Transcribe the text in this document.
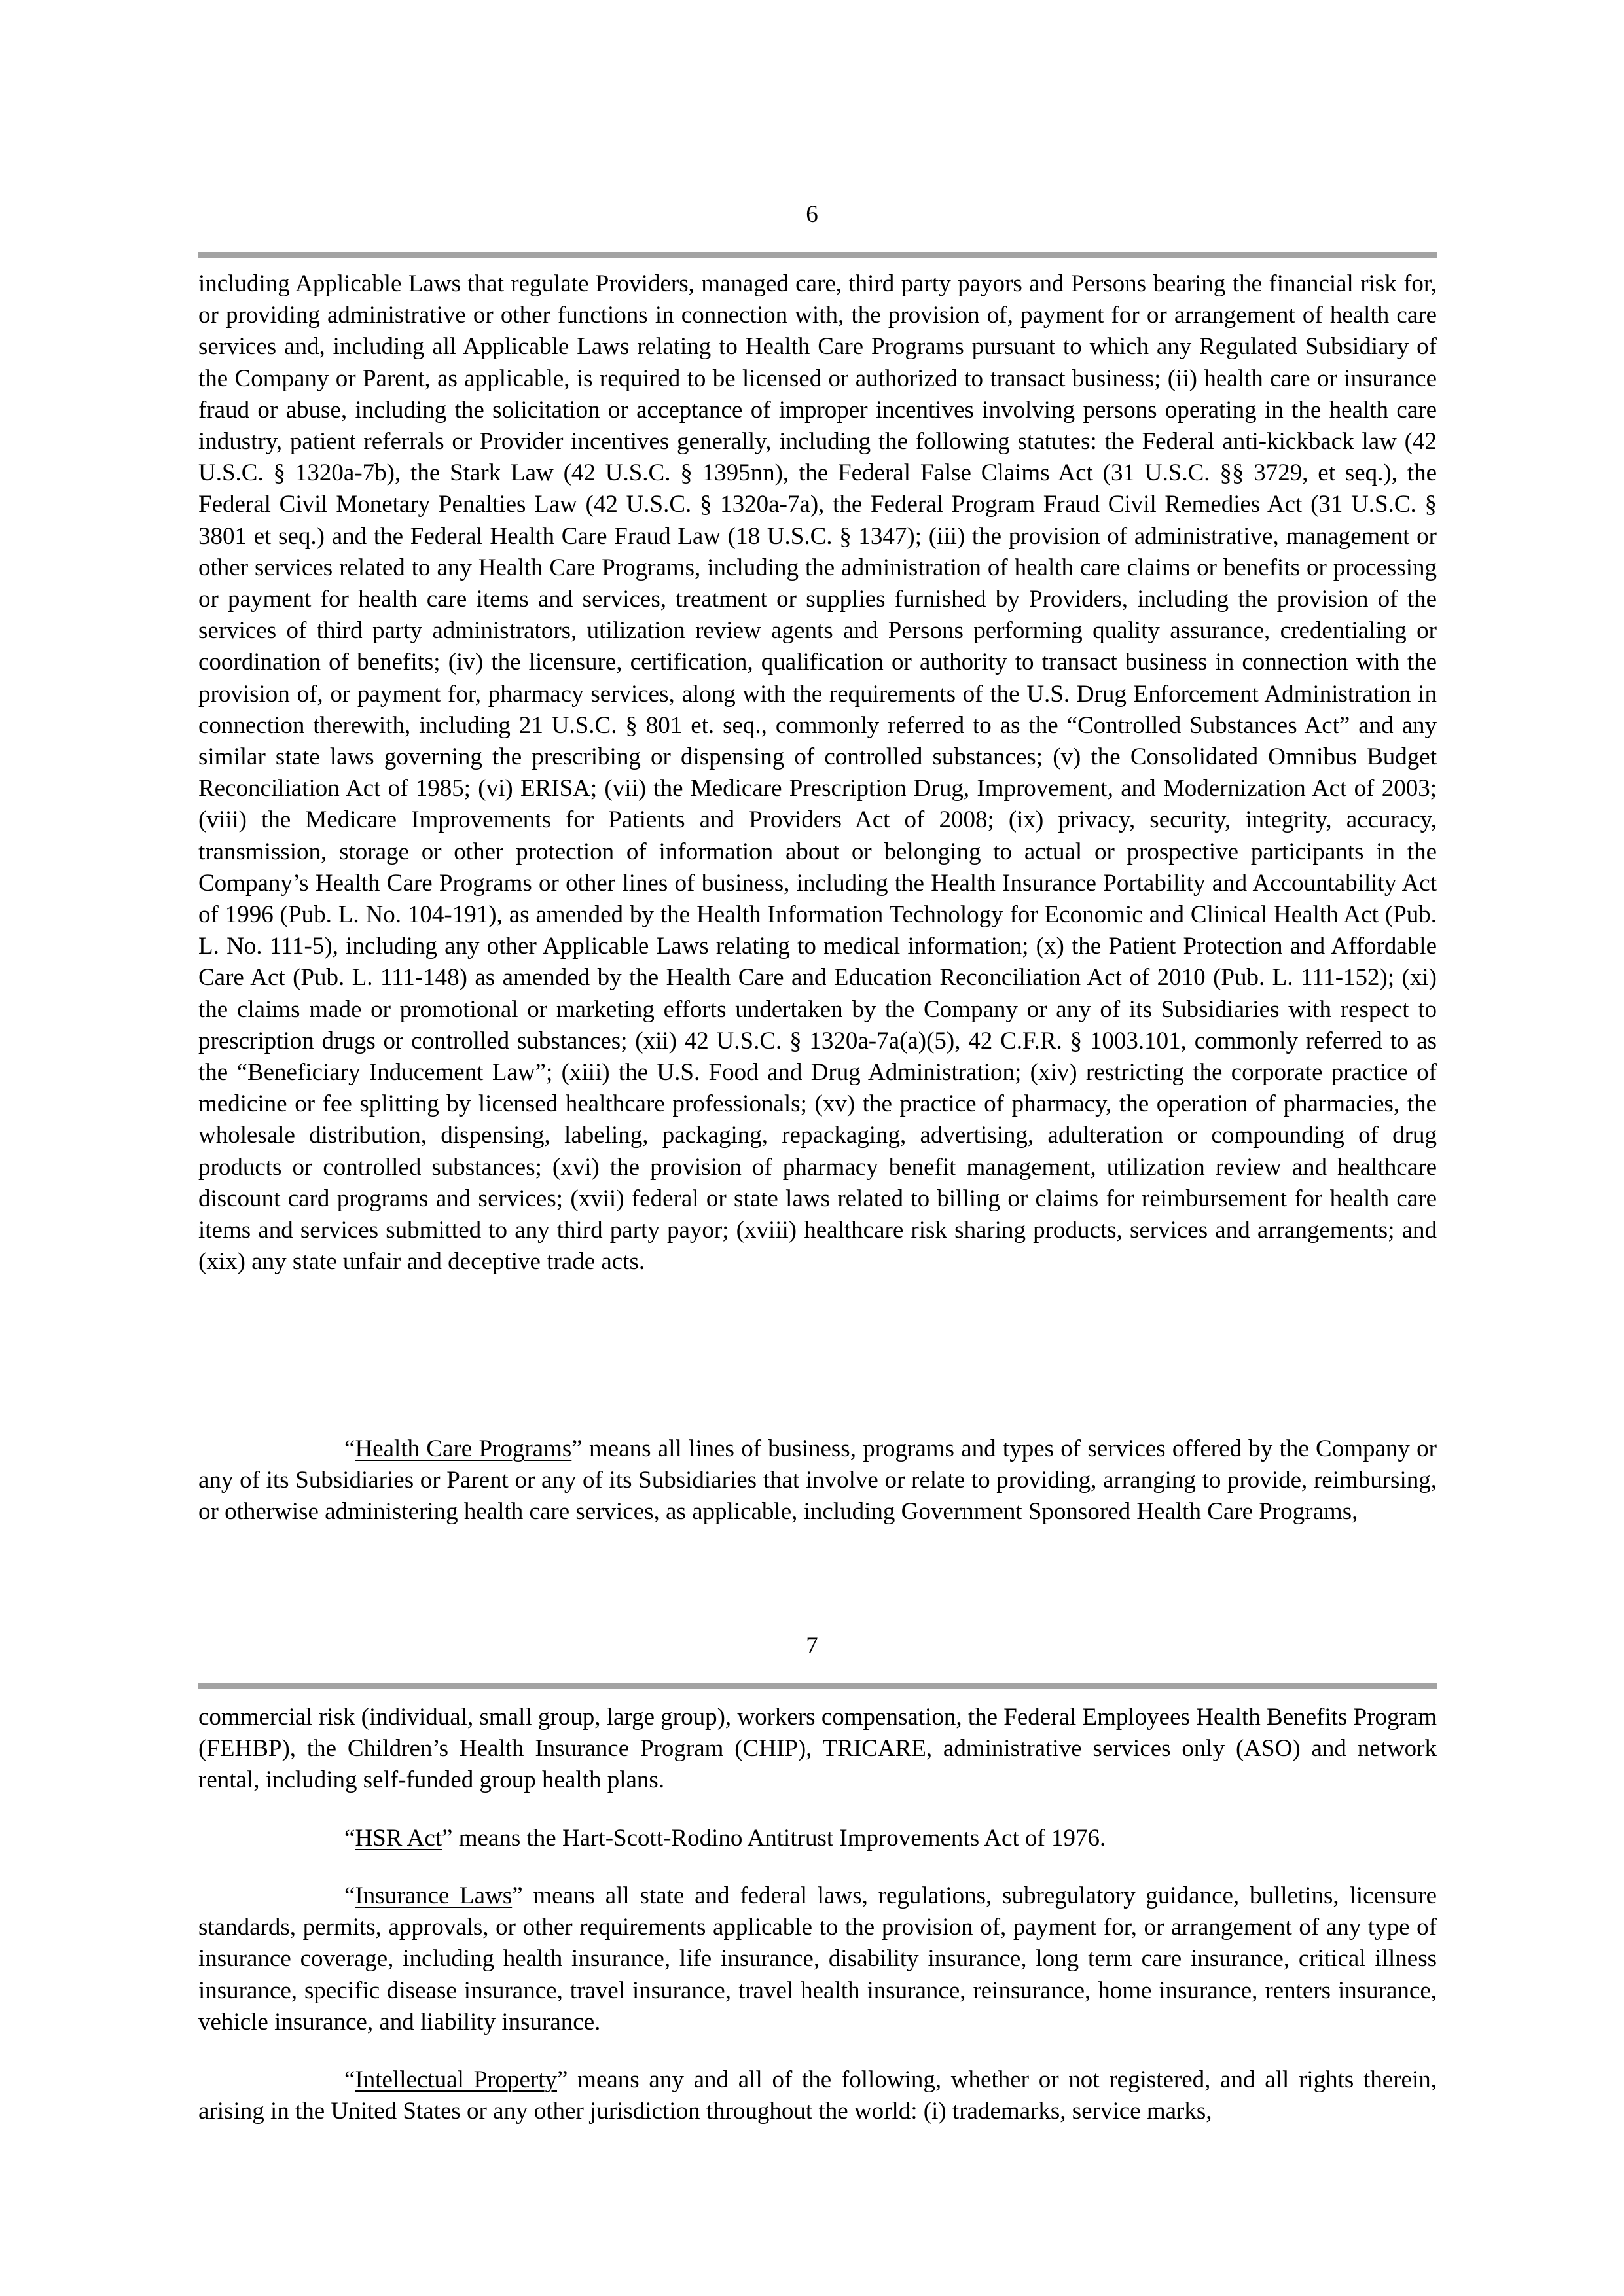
6

including Applicable Laws that regulate Providers, managed care, third party payors and Persons bearing the financial risk for, or providing administrative or other functions in connection with, the provision of, payment for or arrangement of health care services and, including all Applicable Laws relating to Health Care Programs pursuant to which any Regulated Subsidiary of the Company or Parent, as applicable, is required to be licensed or authorized to transact business; (ii) health care or insurance fraud or abuse, including the solicitation or acceptance of improper incentives involving persons operating in the health care industry, patient referrals or Provider incentives generally, including the following statutes: the Federal anti-kickback law (42 U.S.C. § 1320a-7b), the Stark Law (42 U.S.C. § 1395nn), the Federal False Claims Act (31 U.S.C. §§ 3729, et seq.), the Federal Civil Monetary Penalties Law (42 U.S.C. § 1320a-7a), the Federal Program Fraud Civil Remedies Act (31 U.S.C. § 3801 et seq.) and the Federal Health Care Fraud Law (18 U.S.C. § 1347); (iii) the provision of administrative, management or other services related to any Health Care Programs, including the administration of health care claims or benefits or processing or payment for health care items and services, treatment or supplies furnished by Providers, including the provision of the services of third party administrators, utilization review agents and Persons performing quality assurance, credentialing or coordination of benefits; (iv) the licensure, certification, qualification or authority to transact business in connection with the provision of, or payment for, pharmacy services, along with the requirements of the U.S. Drug Enforcement Administration in connection therewith, including 21 U.S.C. § 801 et. seq., commonly referred to as the “Controlled Substances Act” and any similar state laws governing the prescribing or dispensing of controlled substances; (v) the Consolidated Omnibus Budget Reconciliation Act of 1985; (vi) ERISA; (vii) the Medicare Prescription Drug, Improvement, and Modernization Act of 2003; (viii) the Medicare Improvements for Patients and Providers Act of 2008; (ix) privacy, security, integrity, accuracy, transmission, storage or other protection of information about or belonging to actual or prospective participants in the Company’s Health Care Programs or other lines of business, including the Health Insurance Portability and Accountability Act of 1996 (Pub. L. No. 104-191), as amended by the Health Information Technology for Economic and Clinical Health Act (Pub. L. No. 111-5), including any other Applicable Laws relating to medical information; (x) the Patient Protection and Affordable Care Act (Pub. L. 111-148) as amended by the Health Care and Education Reconciliation Act of 2010 (Pub. L. 111-152); (xi) the claims made or promotional or marketing efforts undertaken by the Company or any of its Subsidiaries with respect to prescription drugs or controlled substances; (xii) 42 U.S.C. § 1320a-7a(a)(5), 42 C.F.R. § 1003.101, commonly referred to as the “Beneficiary Inducement Law”; (xiii) the U.S. Food and Drug Administration; (xiv) restricting the corporate practice of medicine or fee splitting by licensed healthcare professionals; (xv) the practice of pharmacy, the operation of pharmacies, the wholesale distribution, dispensing, labeling, packaging, repackaging, advertising, adulteration or compounding of drug products or controlled substances; (xvi) the provision of pharmacy benefit management, utilization review and healthcare discount card programs and services; (xvii) federal or state laws related to billing or claims for reimbursement for health care items and services submitted to any third party payor; (xviii) healthcare risk sharing products, services and arrangements; and (xix) any state unfair and deceptive trade acts.

“Health Care Programs” means all lines of business, programs and types of services offered by the Company or any of its Subsidiaries or Parent or any of its Subsidiaries that involve or relate to providing, arranging to provide, reimbursing, or otherwise administering health care services, as applicable, including Government Sponsored Health Care Programs,

7

commercial risk (individual, small group, large group), workers compensation, the Federal Employees Health Benefits Program (FEHBP), the Children’s Health Insurance Program (CHIP), TRICARE, administrative services only (ASO) and network rental, including self-funded group health plans.

“HSR Act” means the Hart-Scott-Rodino Antitrust Improvements Act of 1976.

“Insurance Laws” means all state and federal laws, regulations, subregulatory guidance, bulletins, licensure standards, permits, approvals, or other requirements applicable to the provision of, payment for, or arrangement of any type of insurance coverage, including health insurance, life insurance, disability insurance, long term care insurance, critical illness insurance, specific disease insurance, travel insurance, travel health insurance, reinsurance, home insurance, renters insurance, vehicle insurance, and liability insurance.

“Intellectual Property” means any and all of the following, whether or not registered, and all rights therein, arising in the United States or any other jurisdiction throughout the world: (i) trademarks, service marks,
